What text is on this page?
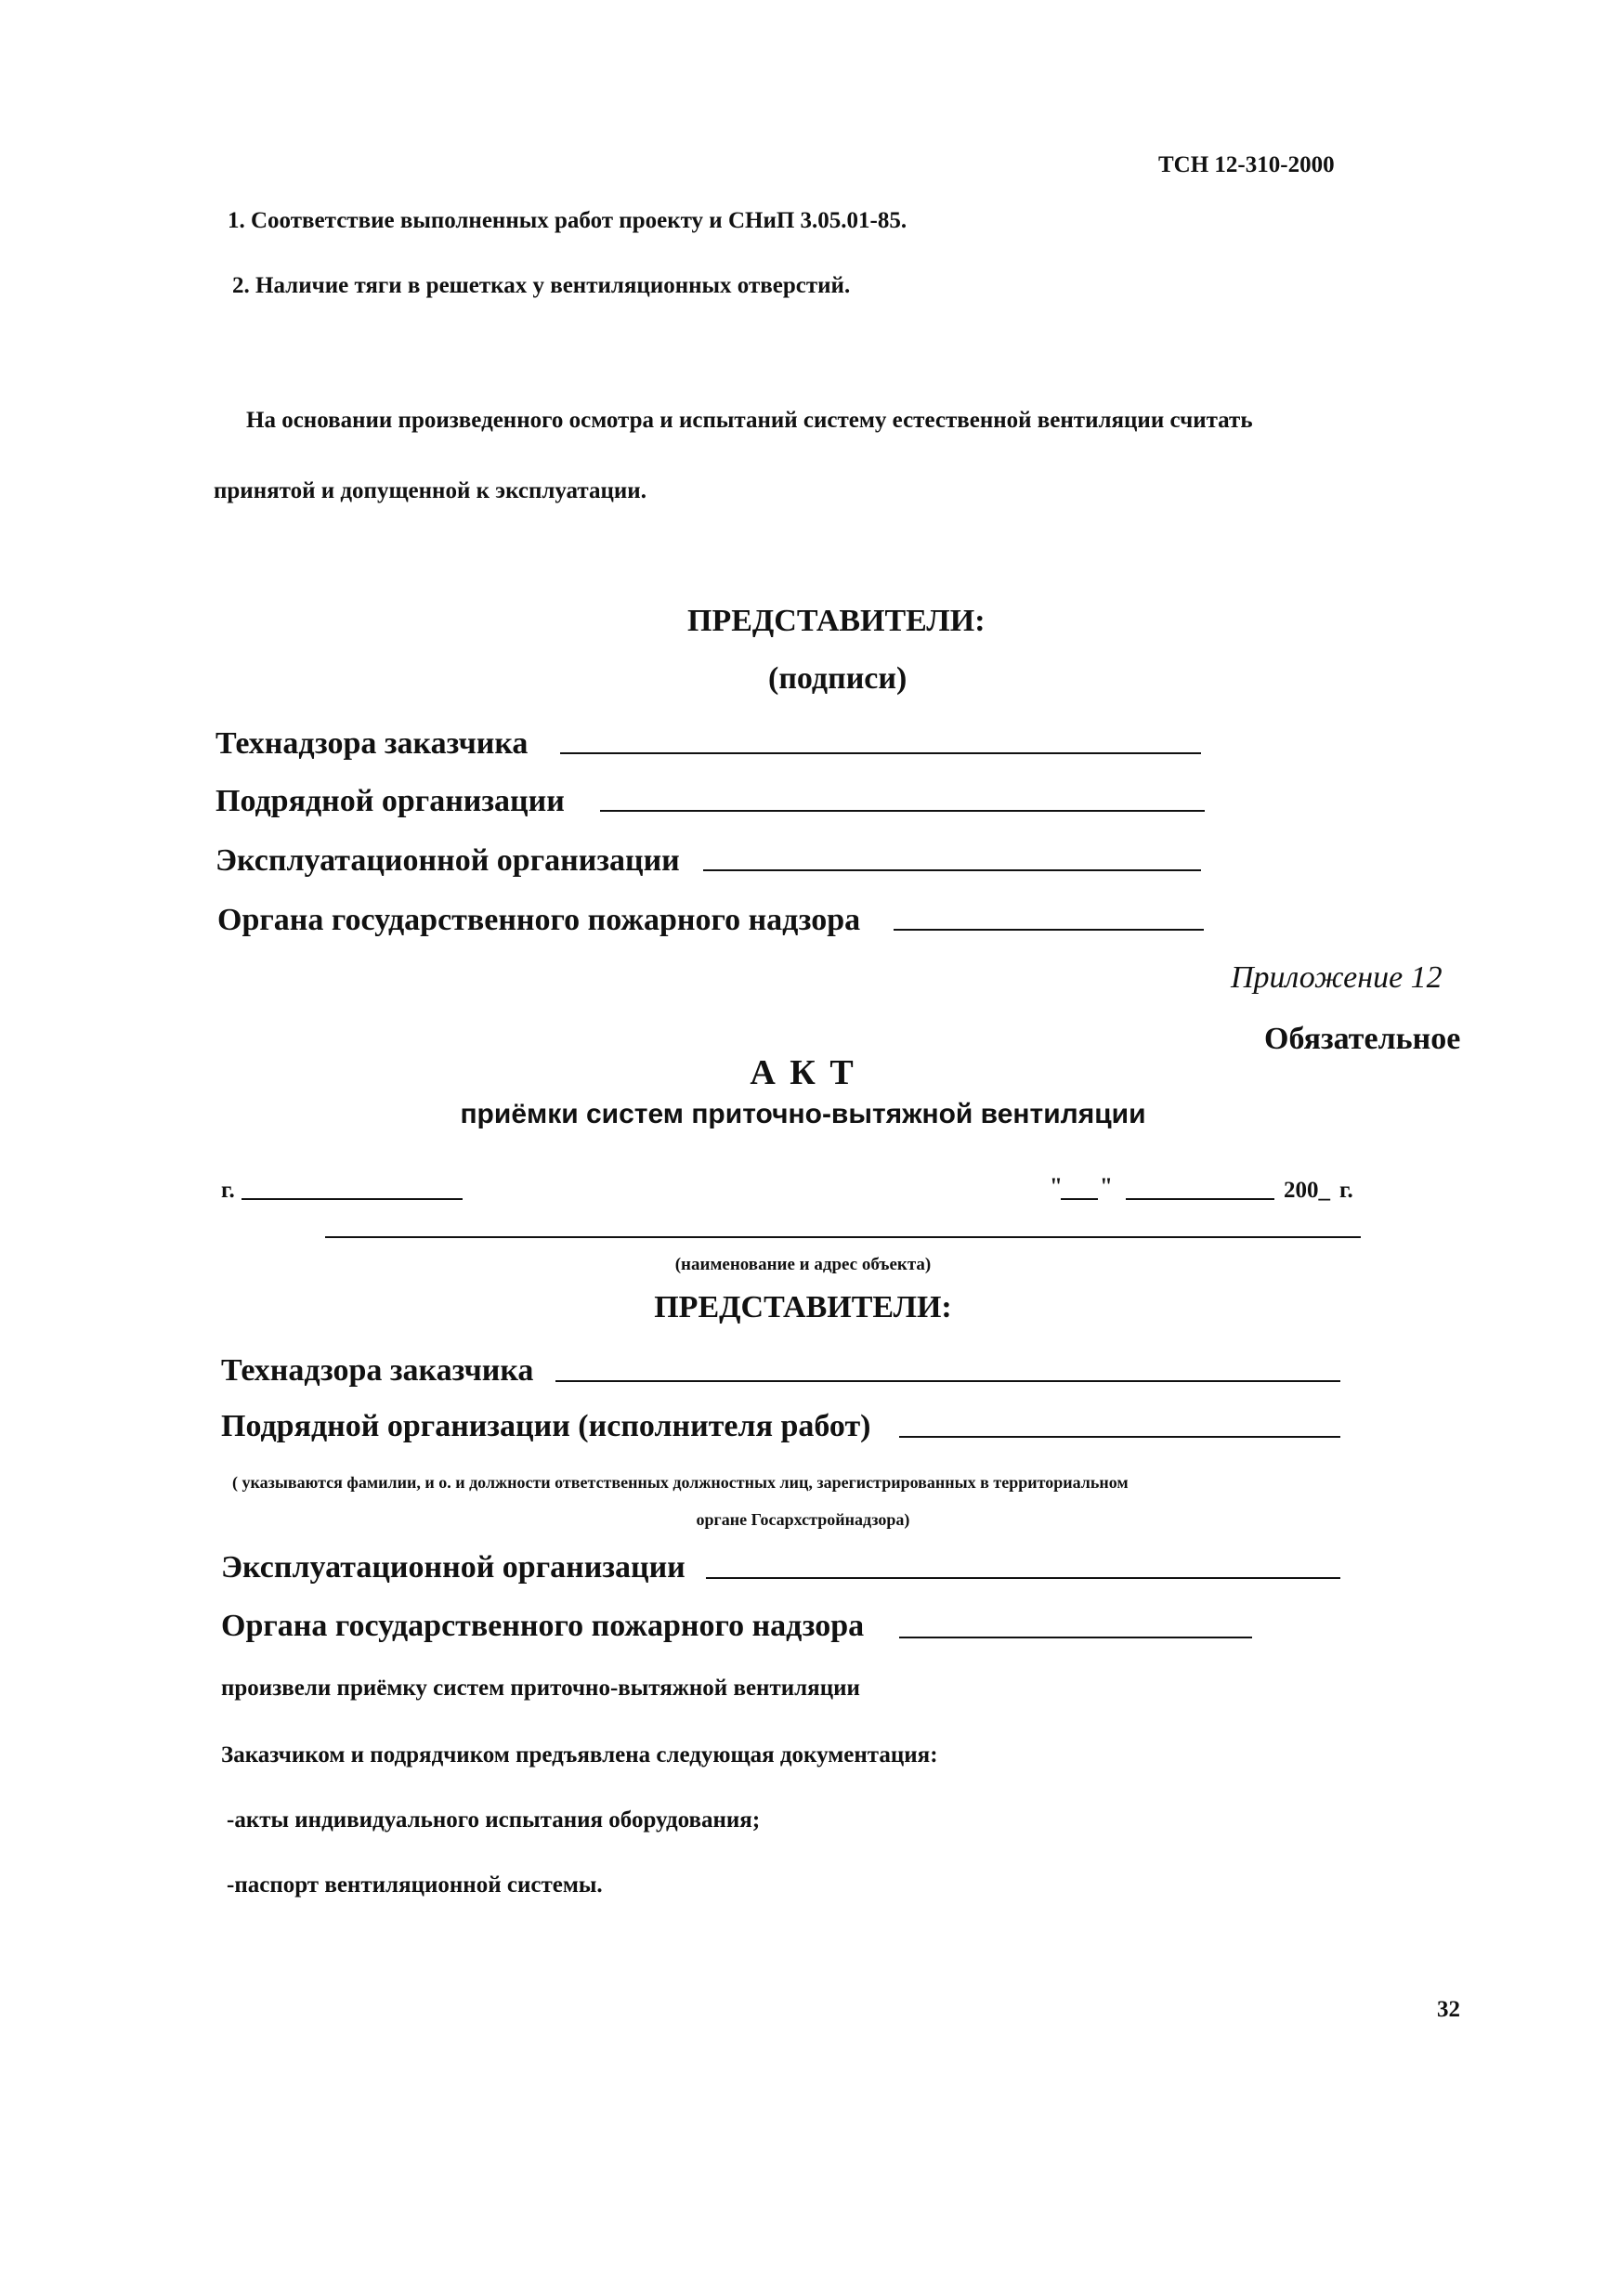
ТСН 12-310-2000
1. Соответствие выполненных работ проекту и СНиП 3.05.01-85.
2. Наличие тяги в решетках у вентиляционных отверстий.
На основании произведенного осмотра и испытаний систему естественной вентиляции считать
принятой и допущенной к эксплуатации.
ПРЕДСТАВИТЕЛИ:
(подписи)
Технадзора заказчика
Подрядной организации
Эксплуатационной организации
Органа государственного пожарного надзора
Приложение 12
Обязательное
А К Т
приёмки систем приточно-вытяжной вентиляции
г.	" "	200_ г.
(наименование и адрес объекта)
ПРЕДСТАВИТЕЛИ:
Технадзора заказчика
Подрядной организации (исполнителя работ)
( указываются фамилии, и о. и должности ответственных должностных лиц, зарегистрированных в территориальном
органе Госархстройнадзора)
Эксплуатационной организации
Органа государственного пожарного надзора
произвели приёмку систем приточно-вытяжной вентиляции
Заказчиком и подрядчиком предъявлена следующая документация:
-акты индивидуального испытания оборудования;
-паспорт вентиляционной системы.
32
